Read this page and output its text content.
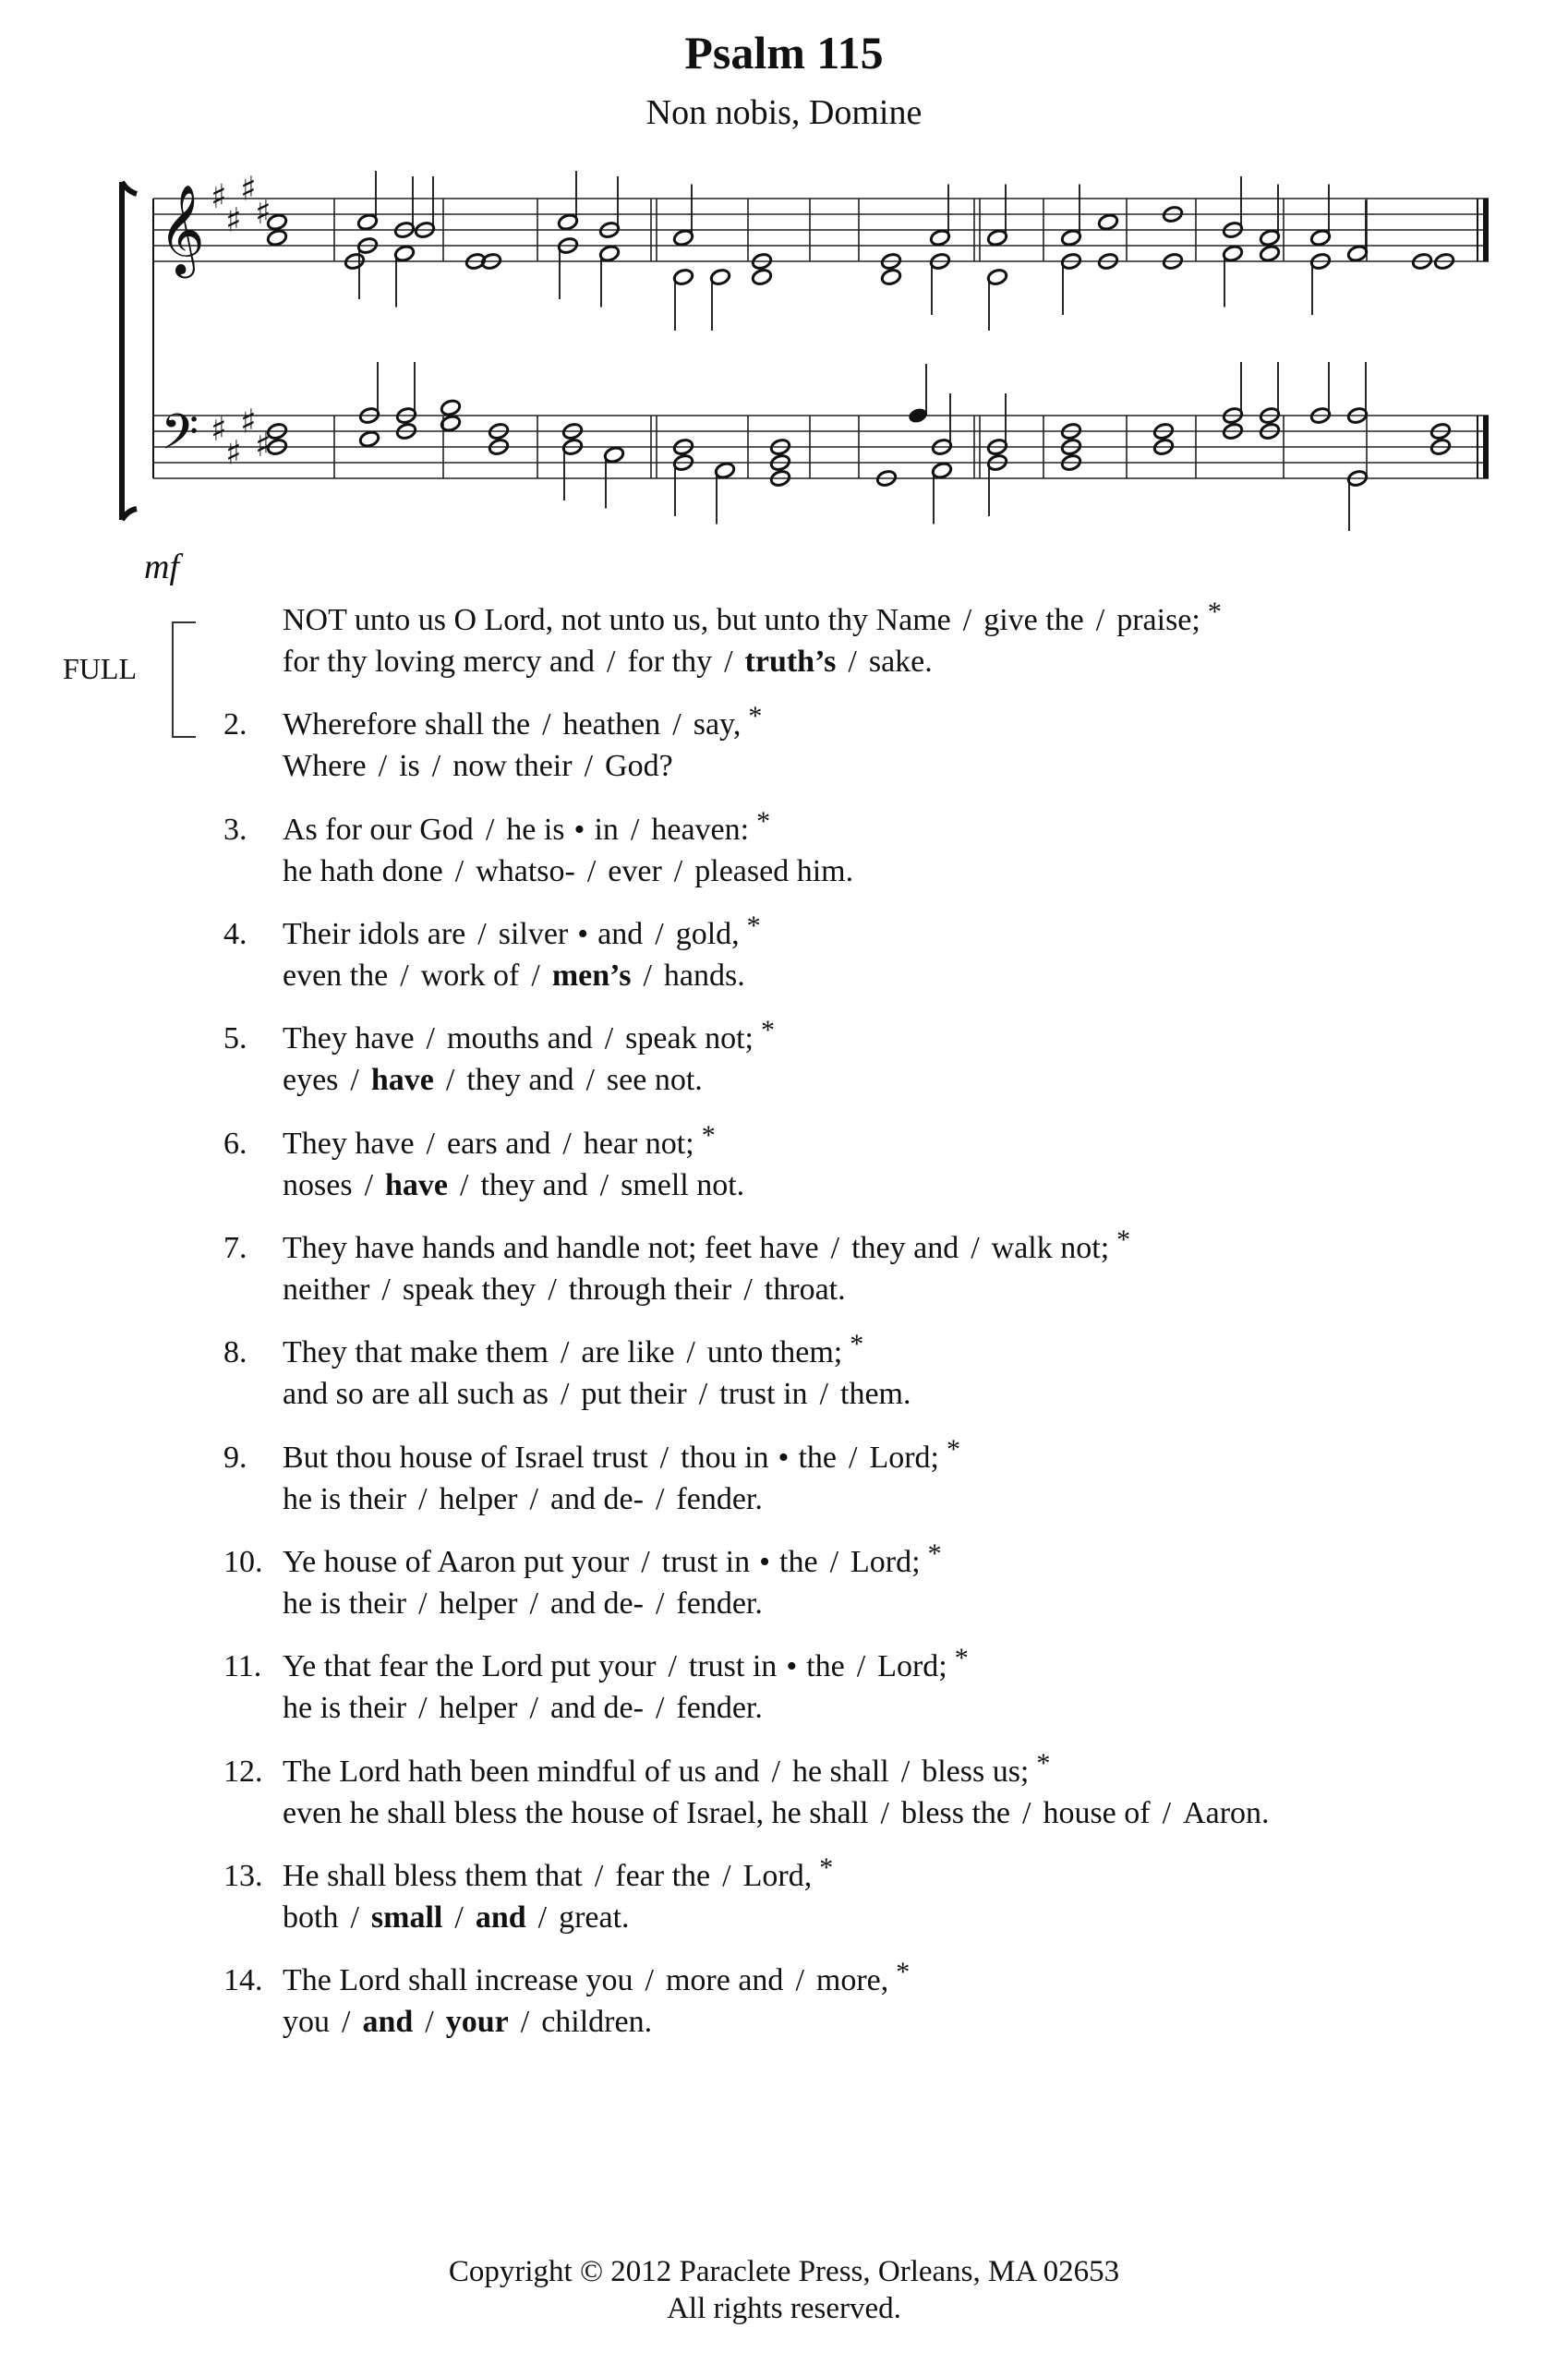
Psalm 115
Non nobis, Domine
𝄞
𝄢
♯
♯
♯
♯
♯
♯
♯
♯
mf
FULL
NOT unto us O Lord, not unto us, but unto thy Name / give the / praise; *
for thy loving mercy and / for thy / truth’s / sake.
2. Wherefore shall the / heathen / say, *
Where / is / now their / God?
3. As for our God / he is • in / heaven: *
he hath done / whatso- / ever / pleased him.
4. Their idols are / silver • and / gold, *
even the / work of / men’s / hands.
5. They have / mouths and / speak not; *
eyes / have / they and / see not.
6. They have / ears and / hear not; *
noses / have / they and / smell not.
7. They have hands and handle not; feet have / they and / walk not; *
neither / speak they / through their / throat.
8. They that make them / are like / unto them; *
and so are all such as / put their / trust in / them.
9. But thou house of Israel trust / thou in • the / Lord; *
he is their / helper / and de- / fender.
10. Ye house of Aaron put your / trust in • the / Lord; *
he is their / helper / and de- / fender.
11. Ye that fear the Lord put your / trust in • the / Lord; *
he is their / helper / and de- / fender.
12. The Lord hath been mindful of us and / he shall / bless us; *
even he shall bless the house of Israel, he shall / bless the / house of / Aaron.
13. He shall bless them that / fear the / Lord, *
both / small / and / great.
14. The Lord shall increase you / more and / more, *
you / and / your / children.
Copyright © 2012 Paraclete Press, Orleans, MA 02653
All rights reserved.
